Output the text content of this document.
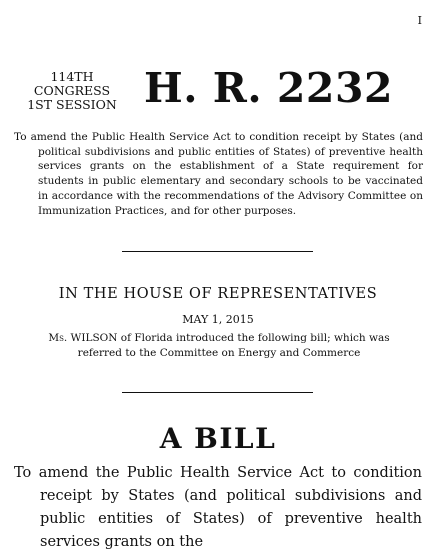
I
114TH CONGRESS
1ST SESSION H. R. 2232
To amend the Public Health Service Act to condition receipt by States (and political subdivisions and public entities of States) of preventive health services grants on the establishment of a State requirement for students in public elementary and secondary schools to be vaccinated in accordance with the recommendations of the Advisory Committee on Immunization Practices, and for other purposes.
IN THE HOUSE OF REPRESENTATIVES
MAY 1, 2015
Ms. WILSON of Florida introduced the following bill; which was referred to the Committee on Energy and Commerce
A BILL
To amend the Public Health Service Act to condition receipt by States (and political subdivisions and public entities of States) of preventive health services grants on the
